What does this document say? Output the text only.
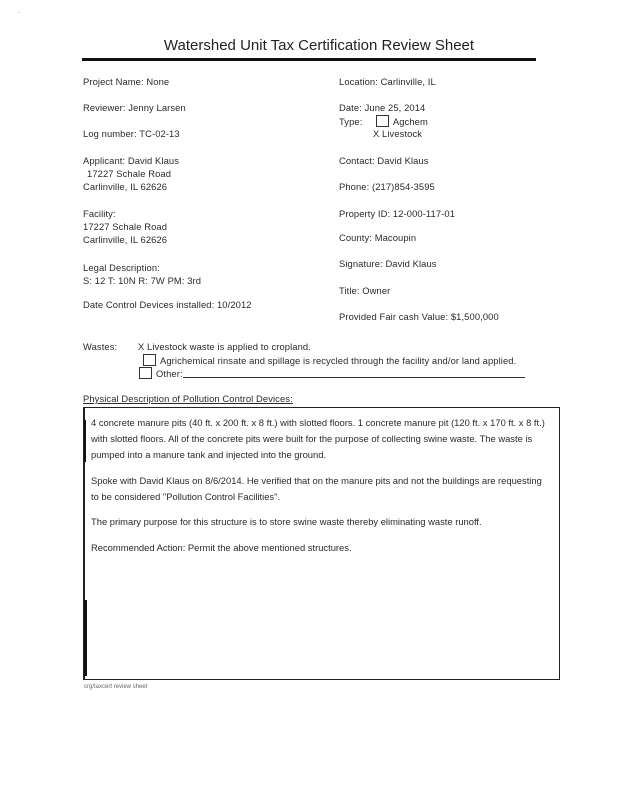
-
Watershed Unit Tax Certification Review Sheet
Project Name: None
Reviewer: Jenny Larsen
Log number: TC-02-13
Applicant: David Klaus
17227 Schale Road
Carlinville, IL 62626
Facility:
17227 Schale Road
Carlinville, IL 62626
Legal Description:
S: 12 T: 10N R: 7W PM: 3rd
Date Control Devices installed: 10/2012
Location: Carlinville, IL
Date: June 25, 2014
Type:	Agchem
X Livestock
Contact: David Klaus
Phone: (217)854-3595
Property ID: 12-000-117-01
County: Macoupin
Signature: David Klaus
Title: Owner
Provided Fair cash Value: $1,500,000
Wastes: X Livestock waste is applied to cropland.
Agrichemical rinsate and spillage is recycled through the facility and/or land applied.
Other:
Physical Description of Pollution Control Devices:
4 concrete manure pits (40 ft. x 200 ft. x 8 ft.) with slotted floors. 1 concrete manure pit (120 ft. x 170 ft. x 8 ft.) with slotted floors. All of the concrete pits were built for the purpose of collecting swine waste. The waste is pumped into a manure tank and injected into the ground.
Spoke with David Klaus on 8/6/2014. He verified that on the manure pits and not the buildings are requesting to be considered "Pollution Control Facilities".
The primary purpose for this structure is to store swine waste thereby eliminating waste runoff.
Recommended Action: Permit the above mentioned structures.
crg/taxcert review sheet
